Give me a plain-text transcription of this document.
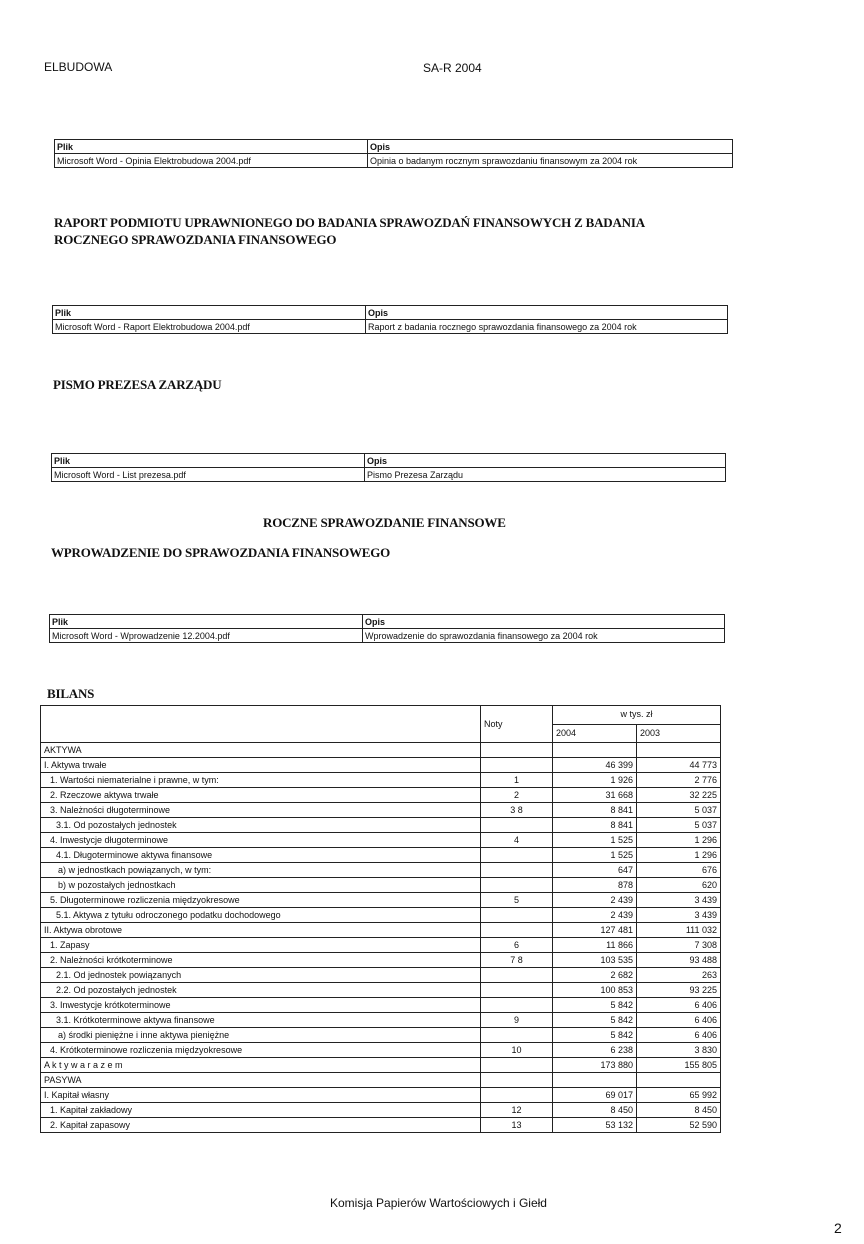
ELBUDOWA	SA-R 2004
Plik	Opis
Microsoft Word - Opinia Elektrobudowa 2004.pdf	Opinia o badanym rocznym sprawozdaniu finansowym za 2004 rok
RAPORT PODMIOTU UPRAWNIONEGO DO BADANIA SPRAWOZDAŃ FINANSOWYCH Z BADANIA
ROCZNEGO SPRAWOZDANIA FINANSOWEGO
Plik	Opis
Microsoft Word - Raport Elektrobudowa 2004.pdf	Raport z badania rocznego sprawozdania finansowego za 2004 rok
PISMO PREZESA ZARZĄDU
Plik	Opis
Microsoft Word - List prezesa.pdf	Pismo Prezesa Zarządu
ROCZNE SPRAWOZDANIE FINANSOWE
WPROWADZENIE DO SPRAWOZDANIA FINANSOWEGO
Plik	Opis
Microsoft Word - Wprowadzenie 12.2004.pdf	Wprowadzenie do sprawozdania finansowego za 2004 rok
BILANS
	Noty	w tys. zł	
		2004	2003
AKTYWA			
I. Aktywa trwałe		46 399	44 773
1. Wartości niematerialne i prawne, w tym:	1	1 926	2 776
2. Rzeczowe aktywa trwałe	2	31 668	32 225
3. Należności długoterminowe	3 8	8 841	5 037
3.1. Od pozostałych jednostek		8 841	5 037
4. Inwestycje długoterminowe	4	1 525	1 296
4.1. Długoterminowe aktywa finansowe		1 525	1 296
a) w jednostkach powiązanych, w tym:		647	676
b) w pozostałych jednostkach		878	620
5. Długoterminowe rozliczenia międzyokresowe	5	2 439	3 439
5.1. Aktywa z tytułu odroczonego podatku dochodowego		2 439	3 439
II. Aktywa obrotowe		127 481	111 032
1. Zapasy	6	11 866	7 308
2. Należności krótkoterminowe	7 8	103 535	93 488
2.1. Od jednostek powiązanych		2 682	263
2.2. Od pozostałych jednostek		100 853	93 225
3. Inwestycje krótkoterminowe		5 842	6 406
3.1. Krótkoterminowe aktywa finansowe	9	5 842	6 406
a) środki pieniężne i inne aktywa pieniężne		5 842	6 406
4. Krótkoterminowe rozliczenia międzyokresowe	10	6 238	3 830
A k t y w a r a z e m		173 880	155 805
PASYWA			
I. Kapitał własny		69 017	65 992
1. Kapitał zakładowy	12	8 450	8 450
2. Kapitał zapasowy	13	53 132	52 590
Komisja Papierów Wartościowych i Giełd
2
